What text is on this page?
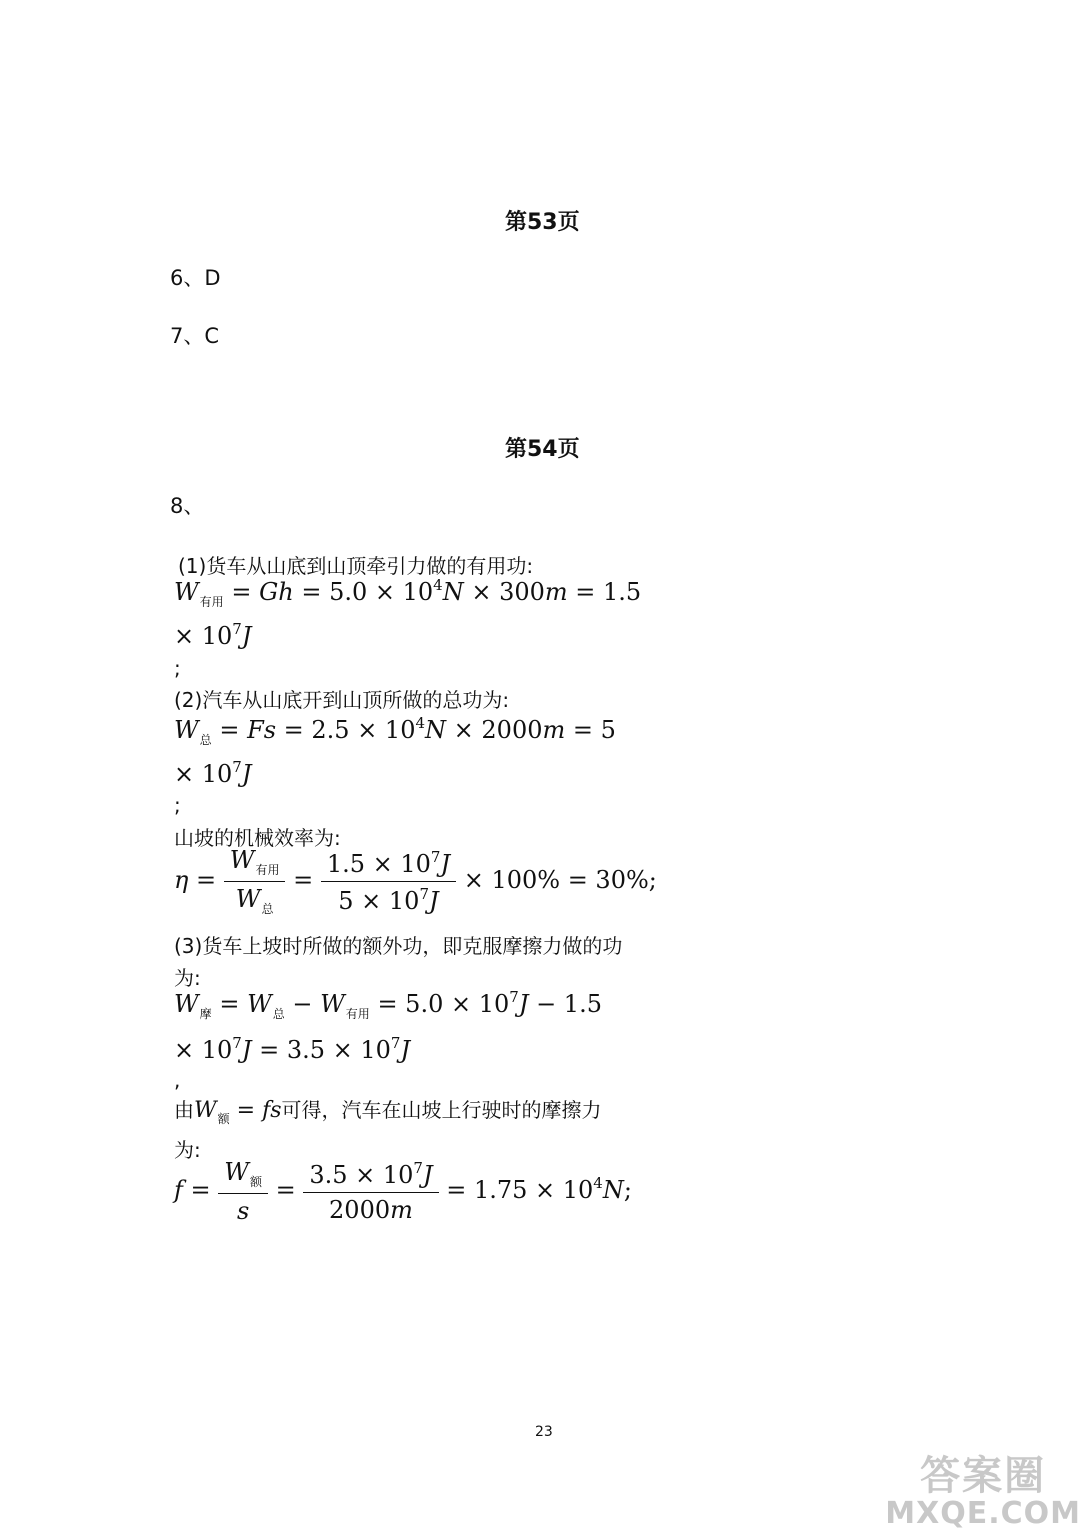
第53页
6、D
7、C
第54页
8、
(1)货车从山底到山顶牵引力做的有用功:
$W_{有用} = Gh = 5.0 \times 10^4N \times 300m = 1.5$
× $10^7J$
;
(2)汽车从山底开到山顶所做的总功为:
$W_总 = Fs = 2.5 \times 10^4N \times 2000m = 5$
× $10^7J$
;
山坡的机械效率为:
$\eta = \frac{W_{有用}}{W_总} = \frac{1.5 \times 10^7J}{5 \times 10^7J} \times 100\% = 30\%$;
(3)货车上坡时所做的额外功，即克服摩擦力做的功
为:
$W_摩 = W_总 - W_{有用} = 5.0 \times 10^7J - 1.5$
× $10^7J = 3.5 \times 10^7J$
,
由$W_额$ = fs可得，汽车在山坡上行驶时的摩擦力
为:
$f = \frac{W_额}{s} = \frac{3.5 \times 10^7J}{2000m} = 1.75 \times 10^4N$;
23
答案圈
MXQE.COM
